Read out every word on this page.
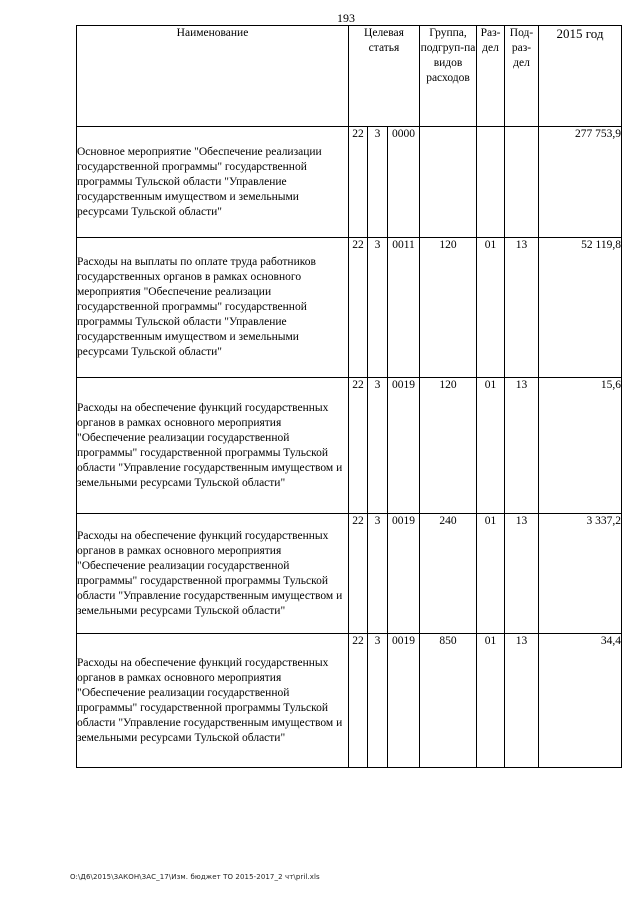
193
Наименование	Целевая статья			Группа, подгруп-па видов расходов	Раз-дел	Под-раз-дел	2015 год
Основное мероприятие "Обеспечение реализации государственной программы" государственной программы Тульской области "Управление государственным имуществом и земельными ресурсами Тульской области"	22	3	0000				277 753,9
Расходы на выплаты по оплате труда работников государственных органов в рамках основного мероприятия "Обеспечение реализации государственной программы" государственной программы Тульской области "Управление государственным имуществом и земельными ресурсами Тульской области"	22	3	0011	120	01	13	52 119,8
Расходы на обеспечение функций государственных органов в рамках основного мероприятия "Обеспечение реализации государственной программы" государственной программы Тульской области "Управление государственным имуществом и земельными ресурсами Тульской области"	22	3	0019	120	01	13	15,6
Расходы на обеспечение функций государственных органов в рамках основного мероприятия "Обеспечение реализации государственной программы" государственной программы Тульской области "Управление государственным имуществом и земельными ресурсами Тульской области"	22	3	0019	240	01	13	3 337,2
Расходы на обеспечение функций государственных органов в рамках основного мероприятия "Обеспечение реализации государственной программы" государственной программы Тульской области "Управление государственным имуществом и земельными ресурсами Тульской области"	22	3	0019	850	01	13	34,4
O:\Д6\2015\ЗАКОН\ЗАС_17\Изм. бюджет ТО 2015-2017_2 чт\pril.xls
